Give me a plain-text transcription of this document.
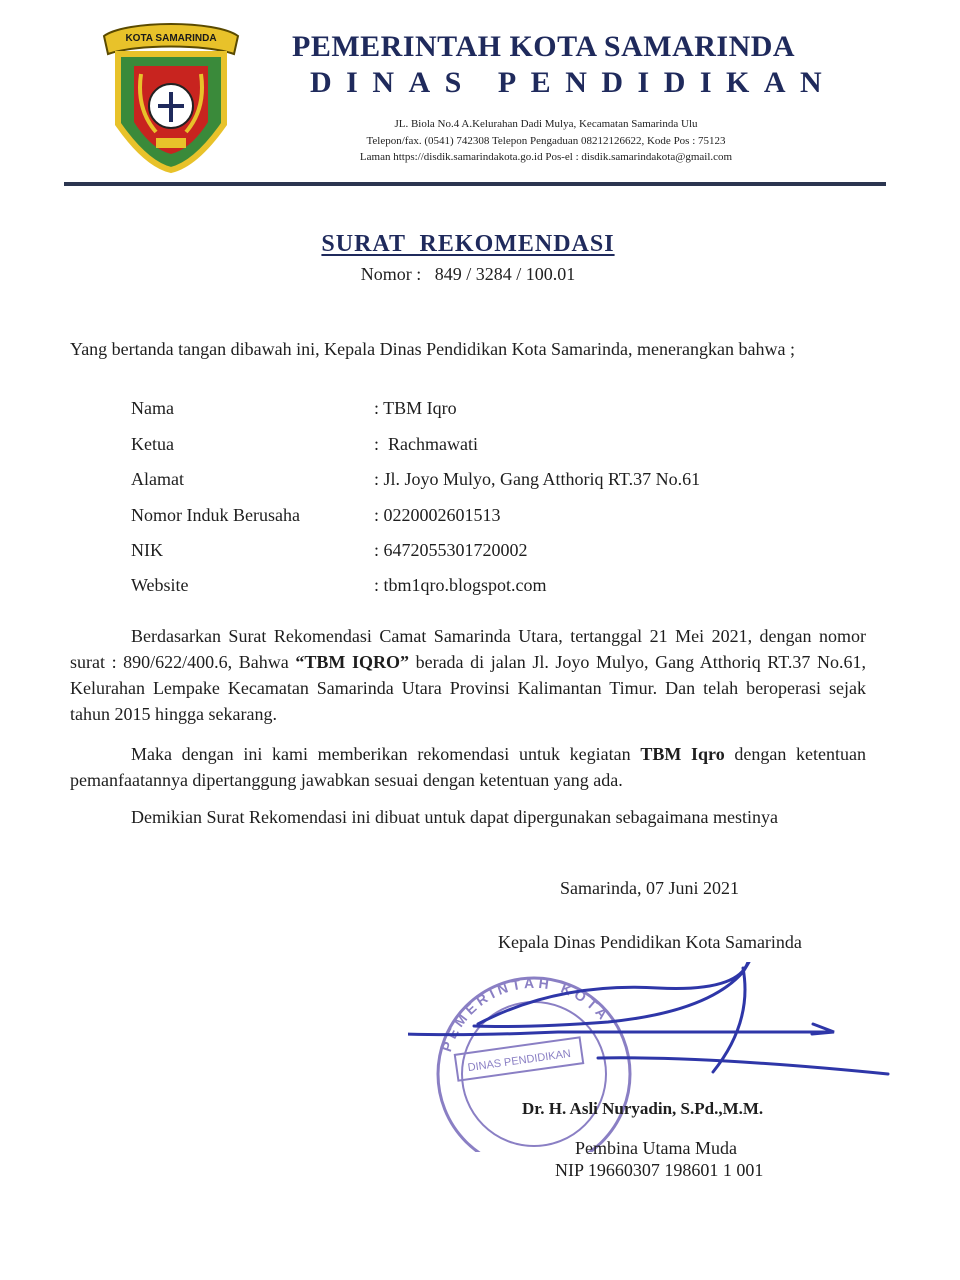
KOTA SAMARINDA	PEMERINTAH KOTA SAMARINDA
DINAS PENDIDIKAN
JL. Biola No.4 A.Kelurahan Dadi Mulya, Kecamatan Samarinda Ulu
Telepon/fax. (0541) 742308 Telepon Pengaduan 08212126622, Kode Pos : 75123
Laman https://disdik.samarindakota.go.id Pos-el : disdik.samarindakota@gmail.com
SURAT  REKOMENDASI
Nomor :   849 / 3284 / 100.01
Yang bertanda tangan dibawah ini, Kepala Dinas Pendidikan Kota Samarinda, menerangkan bahwa ;
Nama	: TBM Iqro
Ketua	:  Rachmawati
Alamat	: Jl. Joyo Mulyo, Gang Atthoriq RT.37 No.61
Nomor Induk Berusaha	: 0220002601513
NIK	: 6472055301720002
Website	: tbm1qro.blogspot.com
Berdasarkan Surat Rekomendasi Camat Samarinda Utara, tertanggal 21 Mei 2021, dengan nomor surat : 890/622/400.6, Bahwa “TBM IQRO” berada di jalan Jl. Joyo Mulyo, Gang Atthoriq RT.37 No.61, Kelurahan Lempake Kecamatan Samarinda Utara Provinsi Kalimantan Timur. Dan telah beroperasi sejak tahun 2015 hingga sekarang.
Maka dengan ini kami memberikan rekomendasi untuk kegiatan TBM Iqro dengan ketentuan pemanfaatannya dipertanggung jawabkan sesuai dengan ketentuan yang ada.
Demikian Surat Rekomendasi ini dibuat untuk dapat dipergunakan sebagaimana mestinya
Samarinda, 07 Juni 2021
Kepala Dinas Pendidikan Kota Samarinda
PEMERINTAH KOTA
DINAS PENDIDIKAN
Dr. H. Asli Nuryadin, S.Pd.,M.M.
Pembina Utama Muda
NIP 19660307 198601 1 001
